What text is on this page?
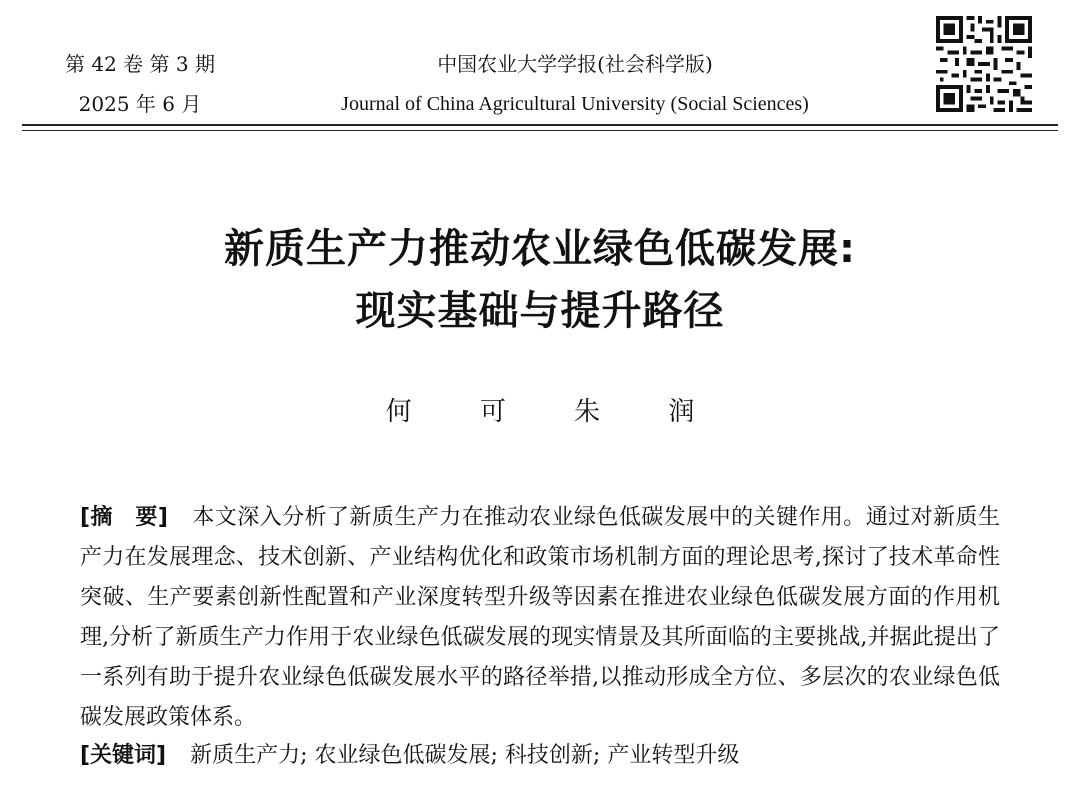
第 42 卷 第 3 期
2025 年 6 月
中国农业大学学报(社会科学版)
Journal of China Agricultural University (Social Sciences)
新质生产力推动农业绿色低碳发展:
现实基础与提升路径
何 可 朱 润
[摘　要] 本文深入分析了新质生产力在推动农业绿色低碳发展中的关键作用。通过对新质生产力在发展理念、技术创新、产业结构优化和政策市场机制方面的理论思考,探讨了技术革命性突破、生产要素创新性配置和产业深度转型升级等因素在推进农业绿色低碳发展方面的作用机理,分析了新质生产力作用于农业绿色低碳发展的现实情景及其所面临的主要挑战,并据此提出了一系列有助于提升农业绿色低碳发展水平的路径举措,以推动形成全方位、多层次的农业绿色低碳发展政策体系。
[关键词] 新质生产力; 农业绿色低碳发展; 科技创新; 产业转型升级
